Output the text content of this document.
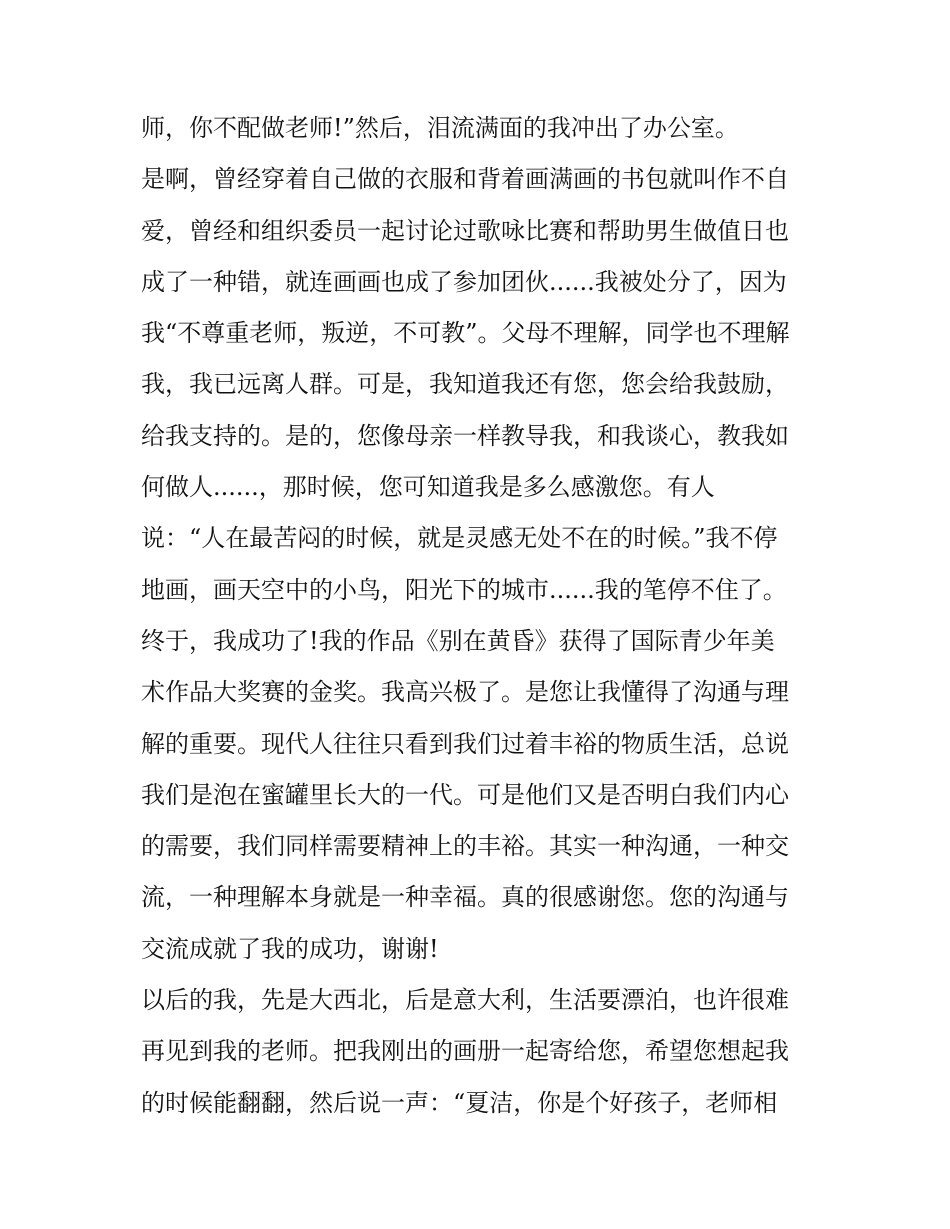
师，你不配做老师!”然后，泪流满面的我冲出了办公室。
是啊，曾经穿着自己做的衣服和背着画满画的书包就叫作不自
爱，曾经和组织委员一起讨论过歌咏比赛和帮助男生做值日也
成了一种错，就连画画也成了参加团伙......我被处分了，因为
我“不尊重老师，叛逆，不可教”。父母不理解，同学也不理解
我，我已远离人群。可是，我知道我还有您，您会给我鼓励，
给我支持的。是的，您像母亲一样教导我，和我谈心，教我如
何做人......，那时候，您可知道我是多么感激您。有人
说：“人在最苦闷的时候，就是灵感无处不在的时候。”我不停
地画，画天空中的小鸟，阳光下的城市......我的笔停不住了。
终于，我成功了!我的作品《别在黄昏》获得了国际青少年美
术作品大奖赛的金奖。我高兴极了。是您让我懂得了沟通与理
解的重要。现代人往往只看到我们过着丰裕的物质生活，总说
我们是泡在蜜罐里长大的一代。可是他们又是否明白我们内心
的需要，我们同样需要精神上的丰裕。其实一种沟通，一种交
流，一种理解本身就是一种幸福。真的很感谢您。您的沟通与
交流成就了我的成功，谢谢!
以后的我，先是大西北，后是意大利，生活要漂泊，也许很难
再见到我的老师。把我刚出的画册一起寄给您，希望您想起我
的时候能翻翻，然后说一声：“夏洁，你是个好孩子，老师相
